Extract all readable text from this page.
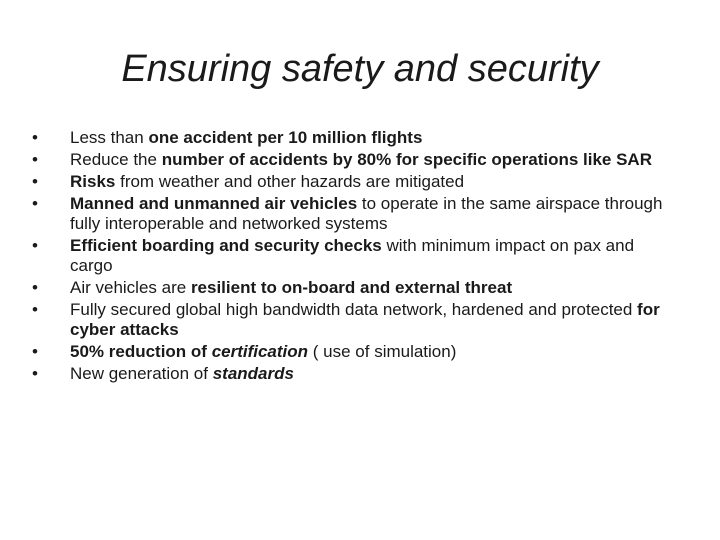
Ensuring safety and security
• Less than one accident per 10 million flights
• Reduce the number of accidents by 80% for specific operations like SAR
• Risks from weather and other hazards are mitigated
• Manned and unmanned air vehicles to operate in the same airspace through fully interoperable and networked systems
• Efficient boarding and security checks with minimum impact on pax and cargo
• Air vehicles are resilient to on-board and external threat
• Fully secured global high bandwidth data network, hardened and protected for cyber attacks
• 50% reduction of certification ( use of simulation)
• New generation of standards
